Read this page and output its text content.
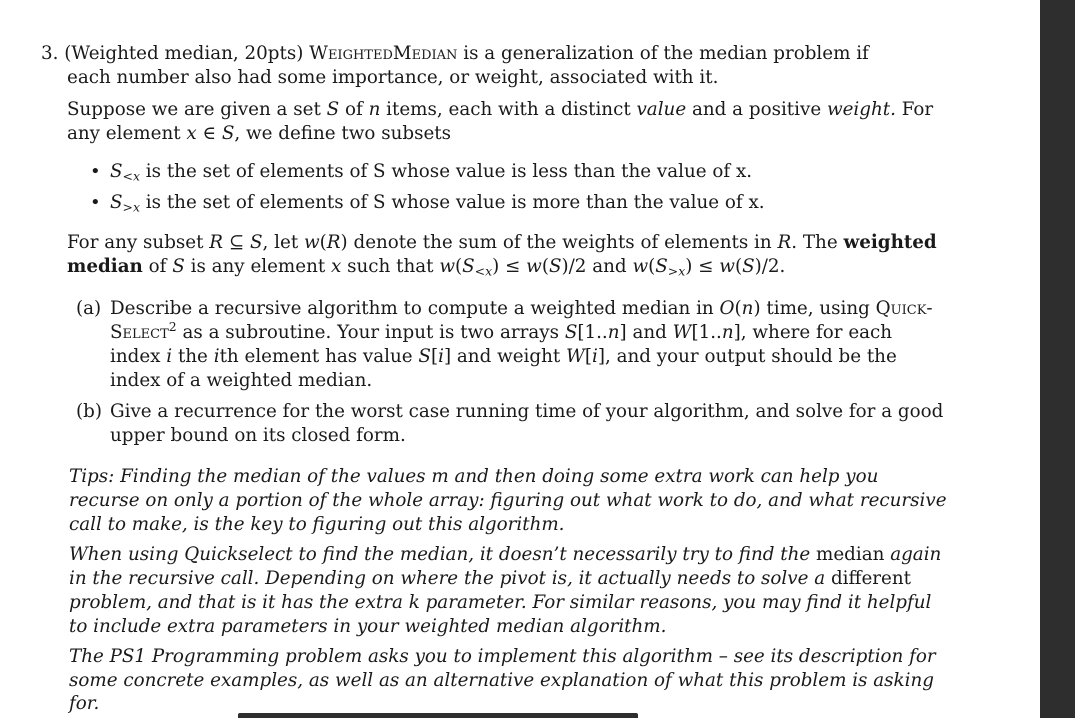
3. (Weighted median, 20pts) WeightedMedian is a generalization of the median problem if
each number also had some importance, or weight, associated with it.
Suppose we are given a set S of n items, each with a distinct value and a positive weight. For
any element x ∈ S, we define two subsets
• $S_{<x}$ is the set of elements of S whose value is less than the value of x.
• $S_{>x}$ is the set of elements of S whose value is more than the value of x.
For any subset R ⊆ S, let w(R) denote the sum of the weights of elements in R. The weighted
median of S is any element x such that $w(S_{<x}) \le w(S)/2$ and $w(S_{>x}) \le w(S)/2$.
(a) Describe a recursive algorithm to compute a weighted median in O(n) time, using Quick-
Select$^2$ as a subroutine. Your input is two arrays S[1..n] and W[1..n], where for each
index i the ith element has value S[i] and weight W[i], and your output should be the
index of a weighted median.
(b) Give a recurrence for the worst case running time of your algorithm, and solve for a good
upper bound on its closed form.
Tips: Finding the median of the values m and then doing some extra work can help you
recurse on only a portion of the whole array: figuring out what work to do, and what recursive
call to make, is the key to figuring out this algorithm.
When using Quickselect to find the median, it doesn’t necessarily try to find the median again
in the recursive call. Depending on where the pivot is, it actually needs to solve a different
problem, and that is it has the extra k parameter. For similar reasons, you may find it helpful
to include extra parameters in your weighted median algorithm.
The PS1 Programming problem asks you to implement this algorithm – see its description for
some concrete examples, as well as an alternative explanation of what this problem is asking
for.
